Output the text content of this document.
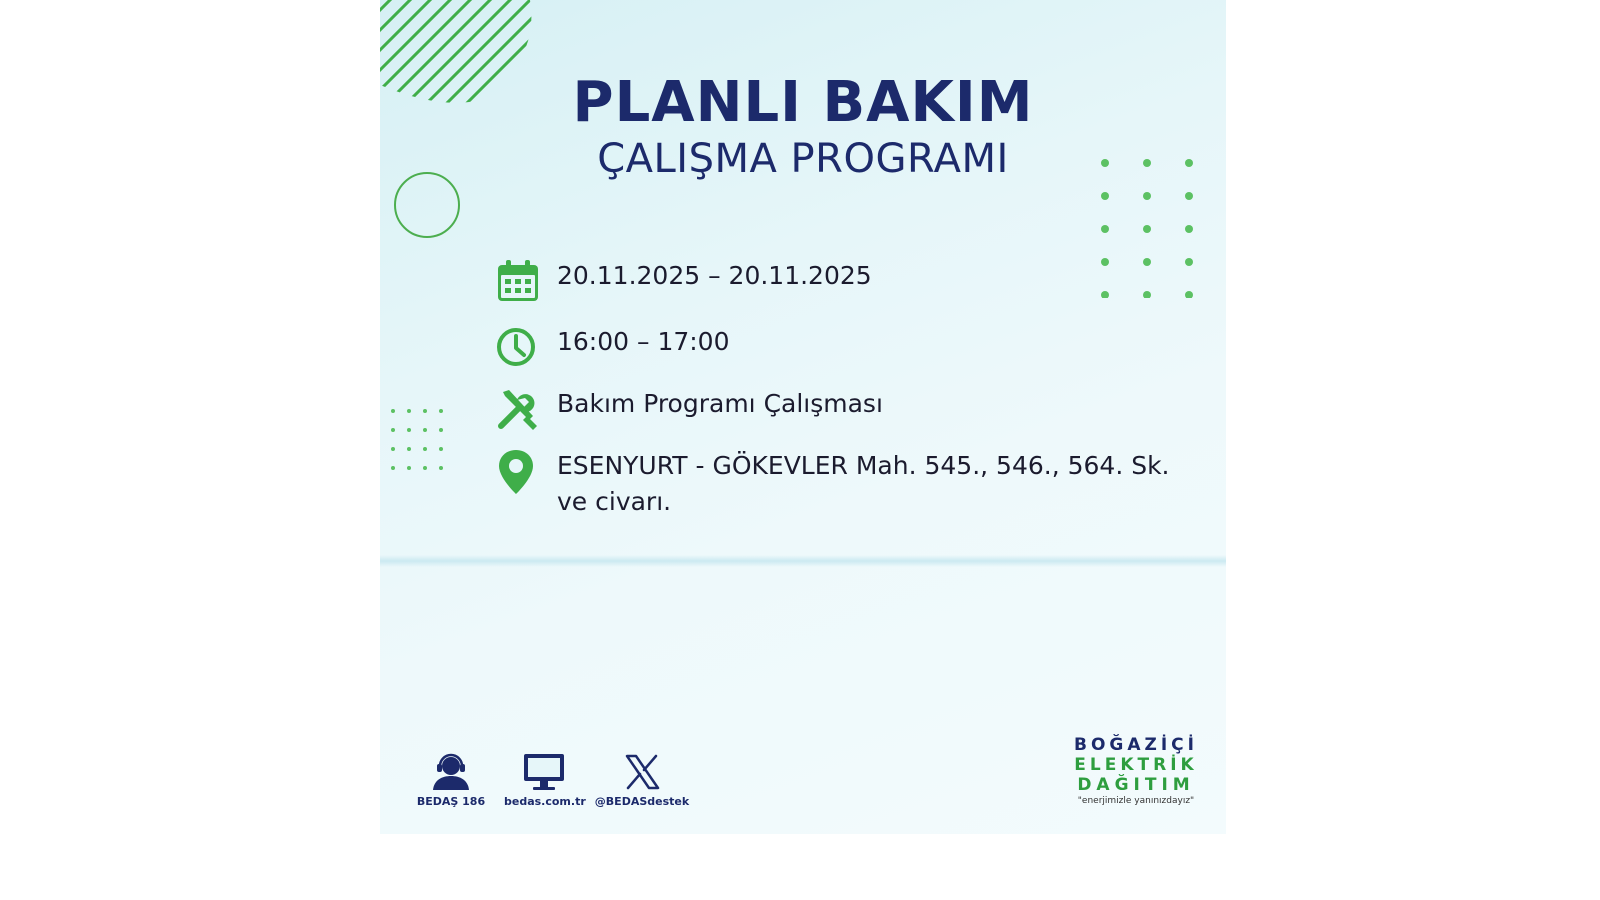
PLANLI BAKIM
ÇALIŞMA PROGRAMI
20.11.2025 – 20.11.2025
16:00 – 17:00
Bakım Programı Çalışması
ESENYURT - GÖKEVLER Mah. 545., 546., 564. Sk. ve civarı.
BEDAŞ 186	bedas.com.tr @BEDASdestek
BOĞAZİÇİ
ELEKTRİK
DAĞITIM
"enerjimizle yanınızdayız"
